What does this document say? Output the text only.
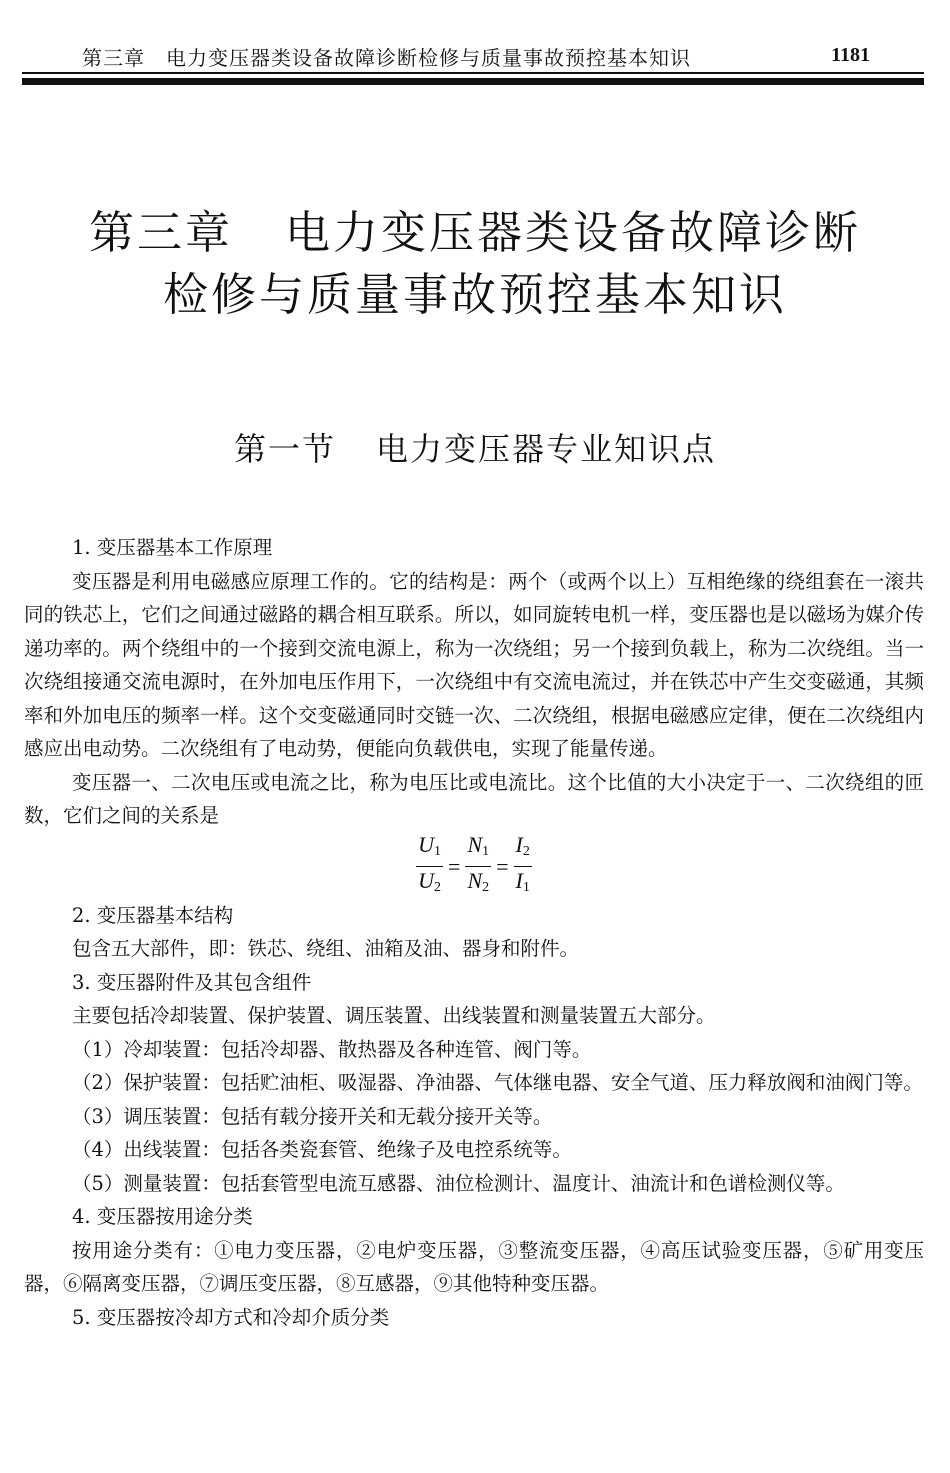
第三章　电力变压器类设备故障诊断检修与质量事故预控基本知识	1181
第三章 电力变压器类设备故障诊断
检修与质量事故预控基本知识
第一节 电力变压器专业知识点

1. 变压器基本工作原理

变压器是利用电磁感应原理工作的。它的结构是：两个（或两个以上）互相绝缘的绕组套在一滚共同的铁芯上，它们之间通过磁路的耦合相互联系。所以，如同旋转电机一样，变压器也是以磁场为媒介传递功率的。两个绕组中的一个接到交流电源上，称为一次绕组；另一个接到负载上，称为二次绕组。当一次绕组接通交流电源时，在外加电压作用下，一次绕组中有交流电流过，并在铁芯中产生交变磁通，其频率和外加电压的频率一样。这个交变磁通同时交链一次、二次绕组，根据电磁感应定律，便在二次绕组内感应出电动势。二次绕组有了电动势，便能向负载供电，实现了能量传递。

变压器一、二次电压或电流之比，称为电压比或电流比。这个比值的大小决定于一、二次绕组的匝数，它们之间的关系是

$\frac{U_1}{U_2} = \frac{N_1}{N_2} = \frac{I_2}{I_1}$

2. 变压器基本结构

包含五大部件，即：铁芯、绕组、油箱及油、器身和附件。

3. 变压器附件及其包含组件

主要包括冷却装置、保护装置、调压装置、出线装置和测量装置五大部分。

（1）冷却装置：包括冷却器、散热器及各种连管、阀门等。

（2）保护装置：包括贮油柜、吸湿器、净油器、气体继电器、安全气道、压力释放阀和油阀门等。

（3）调压装置：包括有载分接开关和无载分接开关等。

（4）出线装置：包括各类瓷套管、绝缘子及电控系统等。

（5）测量装置：包括套管型电流互感器、油位检测计、温度计、油流计和色谱检测仪等。

4. 变压器按用途分类

按用途分类有：①电力变压器，②电炉变压器，③整流变压器，④高压试验变压器，⑤矿用变压器，⑥隔离变压器，⑦调压变压器，⑧互感器，⑨其他特种变压器。

5. 变压器按冷却方式和冷却介质分类
